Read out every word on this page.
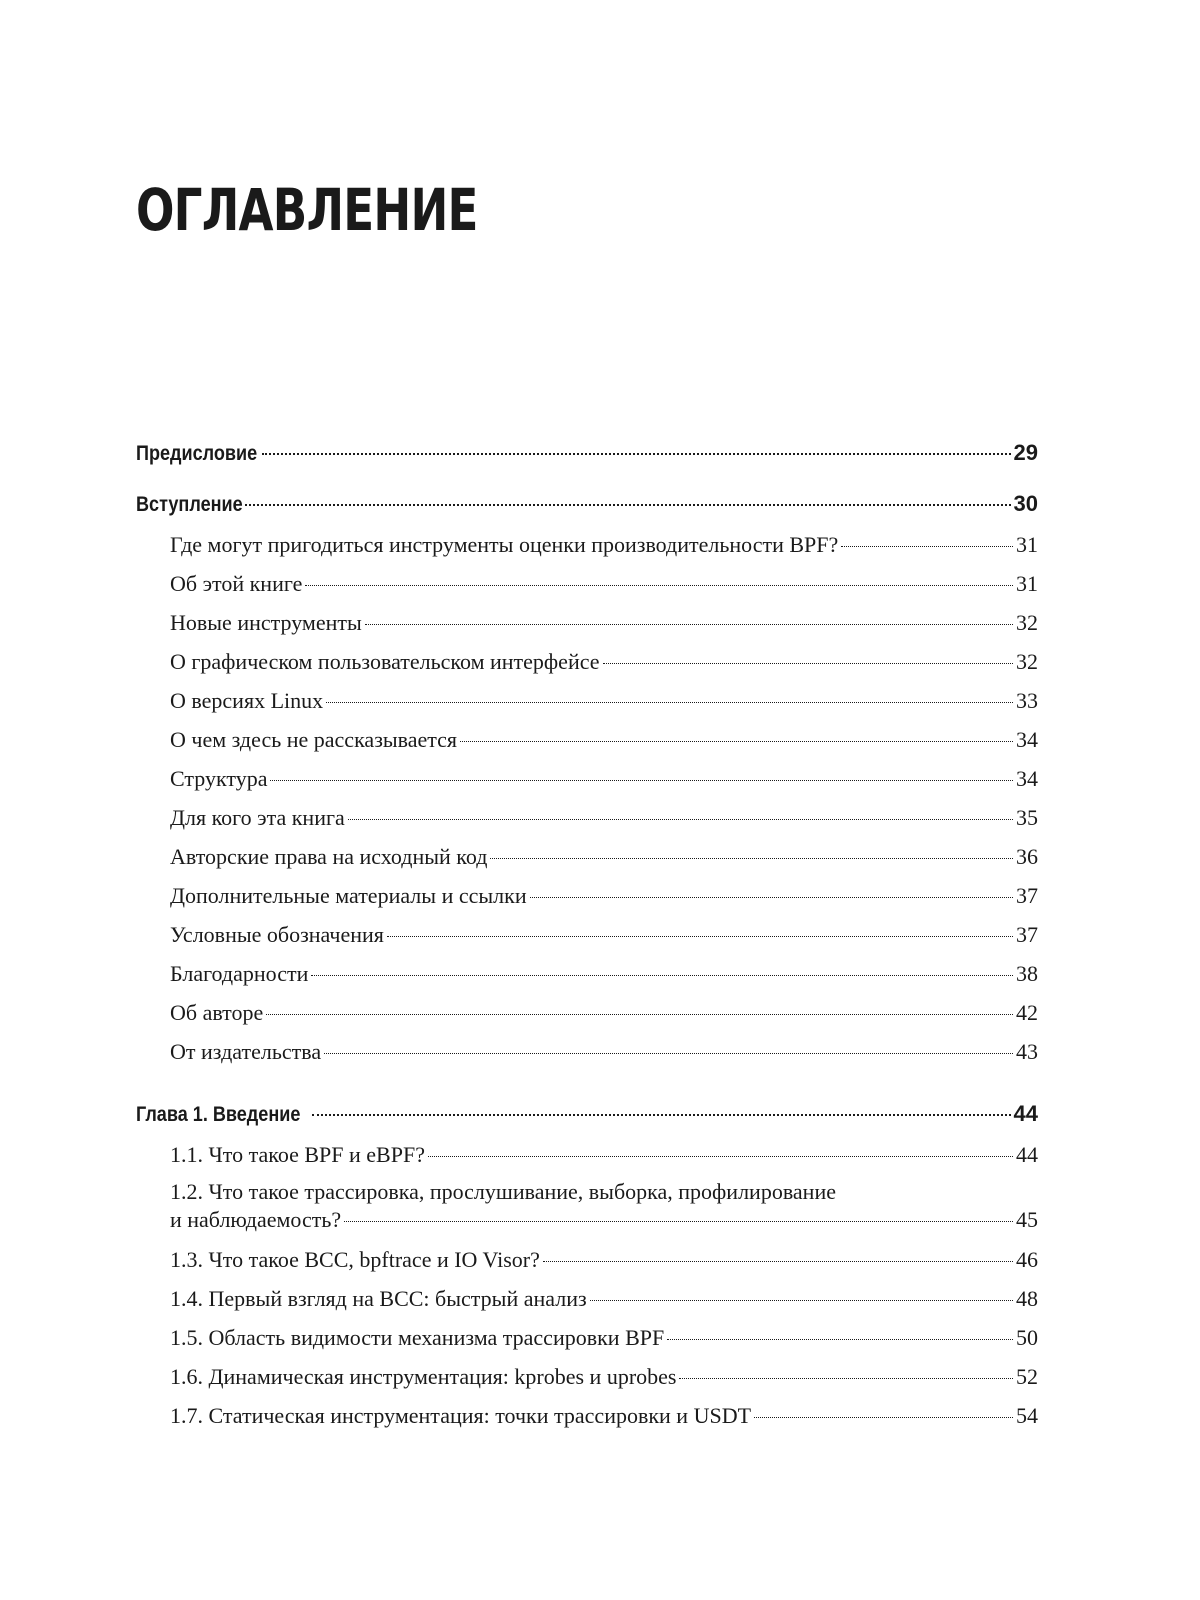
ОГЛАВЛЕНИЕ
Предисловие	29
Вступление	30
Где могут пригодиться инструменты оценки производительности BPF?	31
Об этой книге	31
Новые инструменты	32
О графическом пользовательском интерфейсе	32
О версиях Linux	33
О чем здесь не рассказывается	34
Структура	34
Для кого эта книга	35
Авторские права на исходный код	36
Дополнительные материалы и ссылки	37
Условные обозначения	37
Благодарности	38
Об авторе	42
От издательства	43
Глава 1. Введение	44
1.1. Что такое BPF и eBPF?	44
1.2. Что такое трассировка, прослушивание, выборка, профилирование
и наблюдаемость?	45
1.3. Что такое BCC, bpftrace и IO Visor?	46
1.4. Первый взгляд на BCC: быстрый анализ	48
1.5. Область видимости механизма трассировки BPF	50
1.6. Динамическая инструментация: kprobes и uprobes	52
1.7. Статическая инструментация: точки трассировки и USDT	54
